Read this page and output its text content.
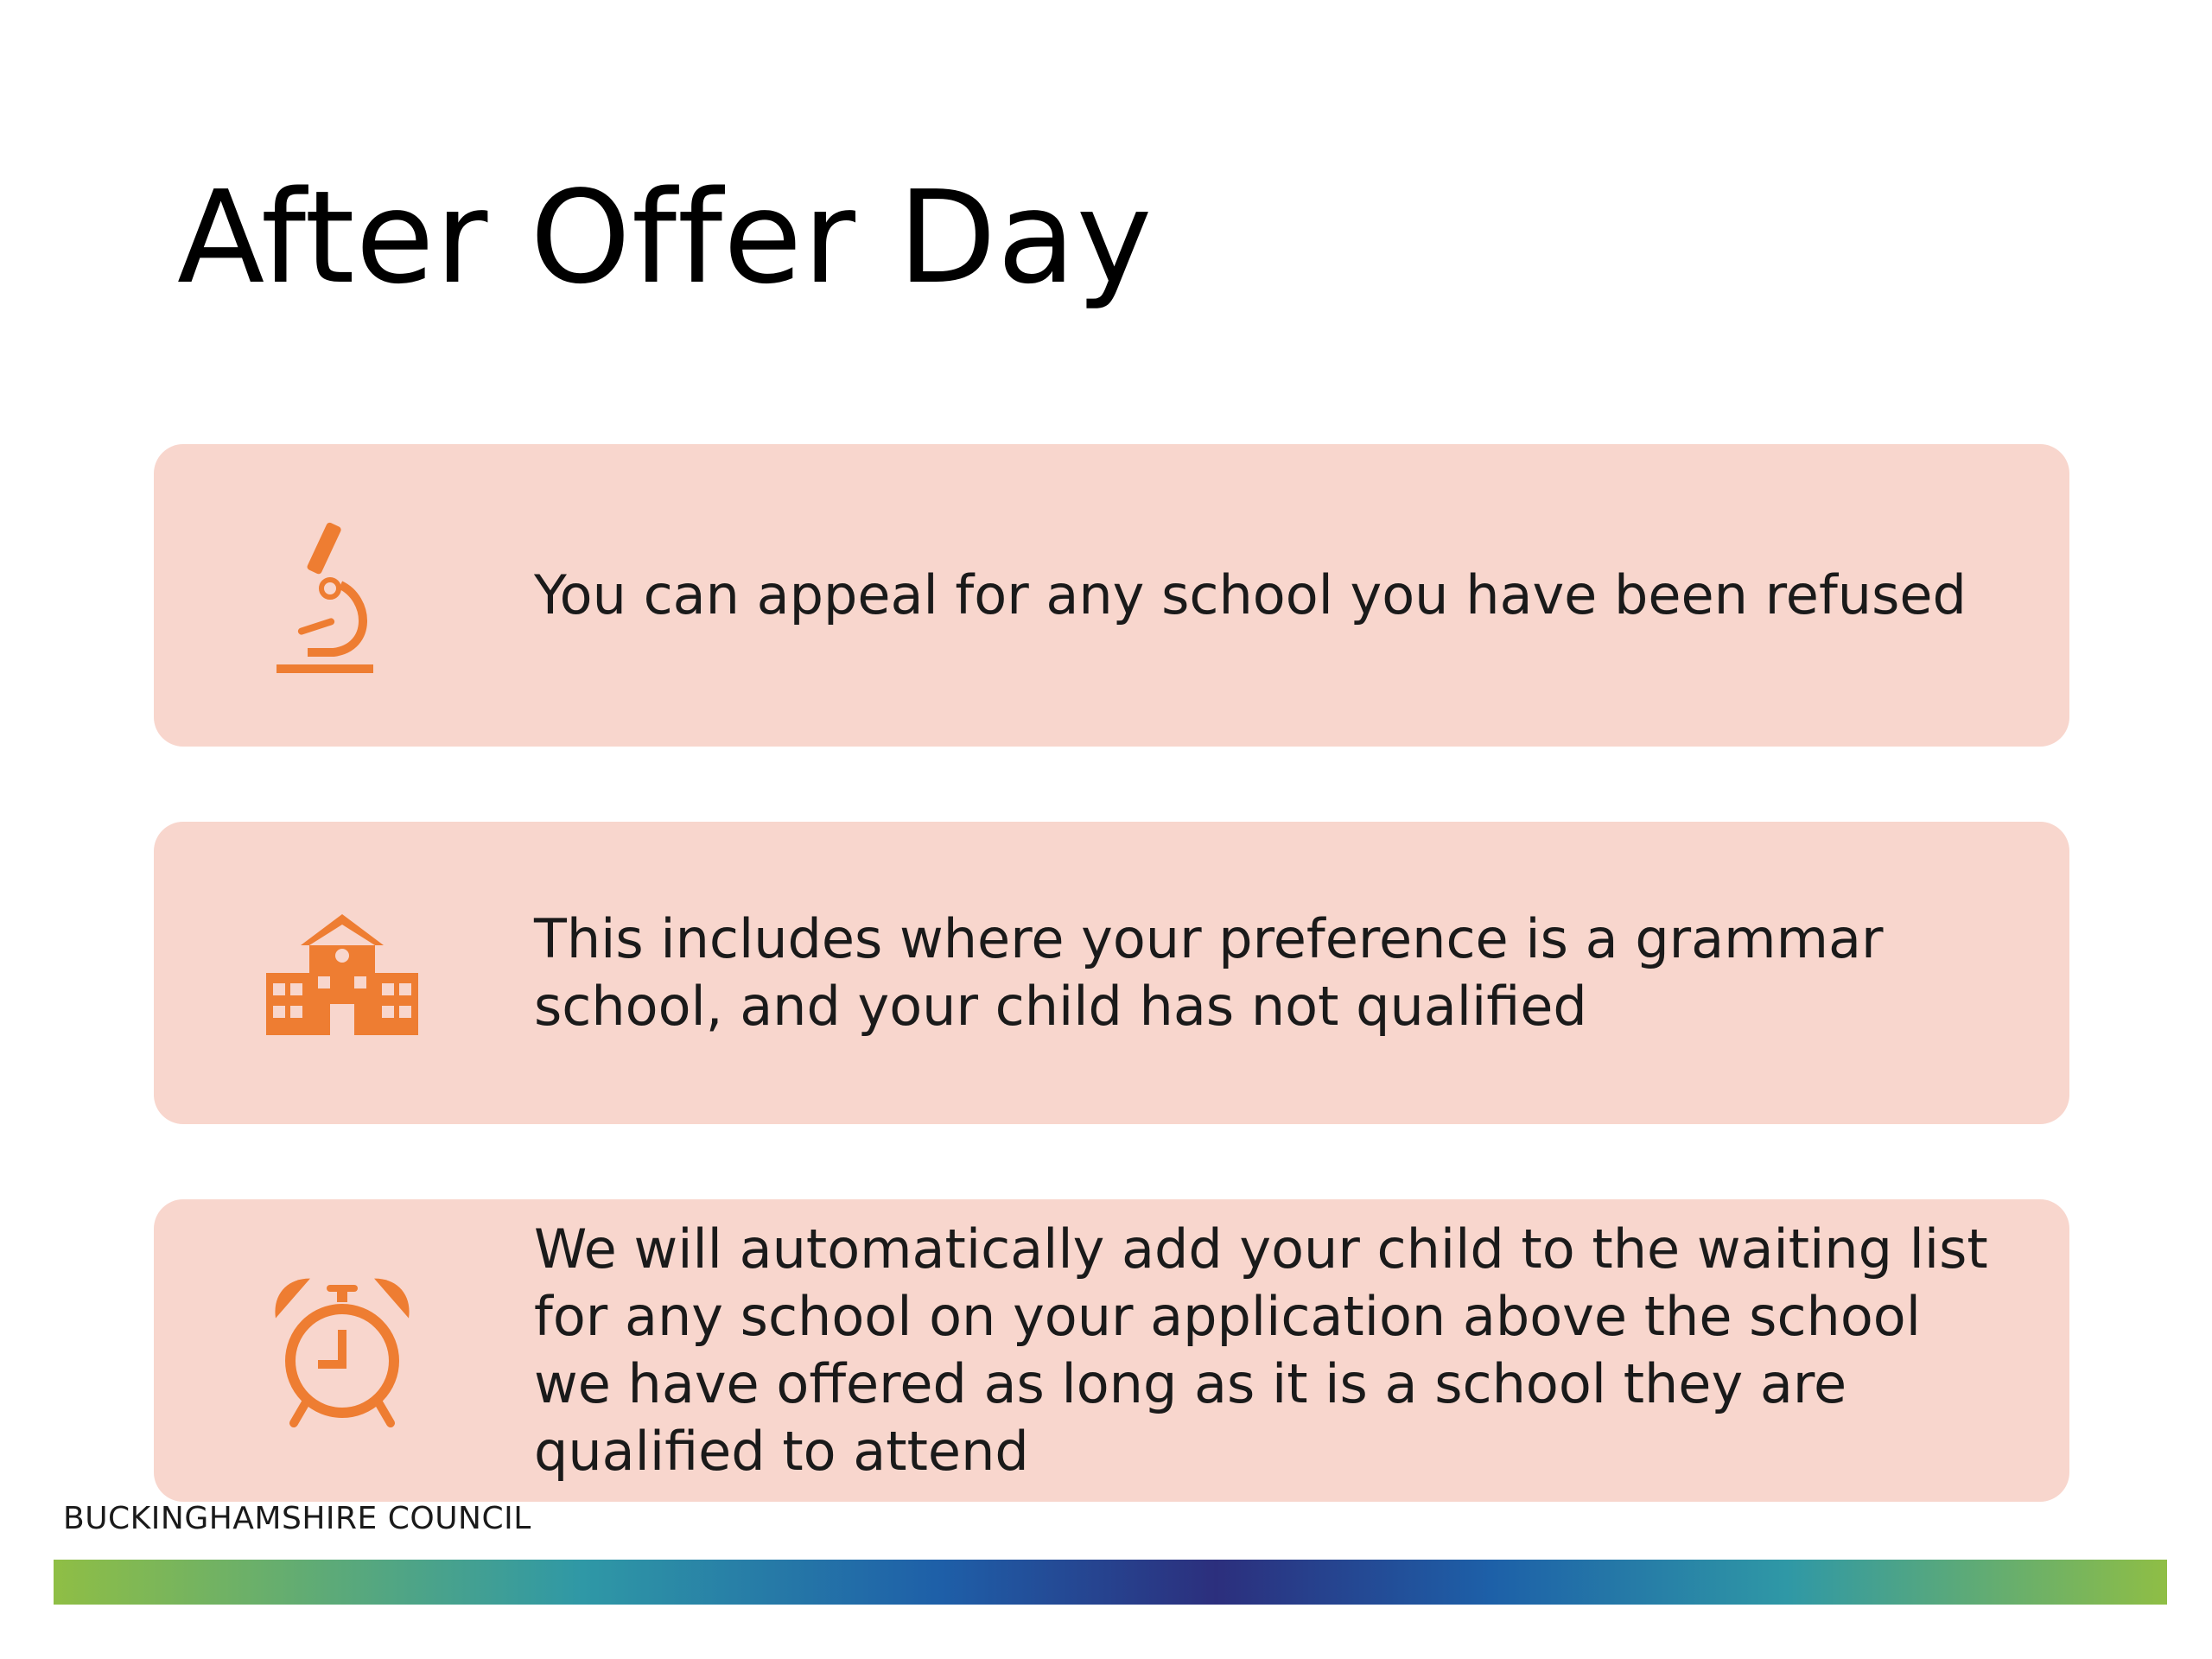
After Offer Day
You can appeal for any school you have been refused
This includes where your preference is a grammar school, and your child has not qualified
We will automatically add your child to the waiting list for any school on your application above the school we have offered as long as it is a school they are qualified to attend
BUCKINGHAMSHIRE COUNCIL
